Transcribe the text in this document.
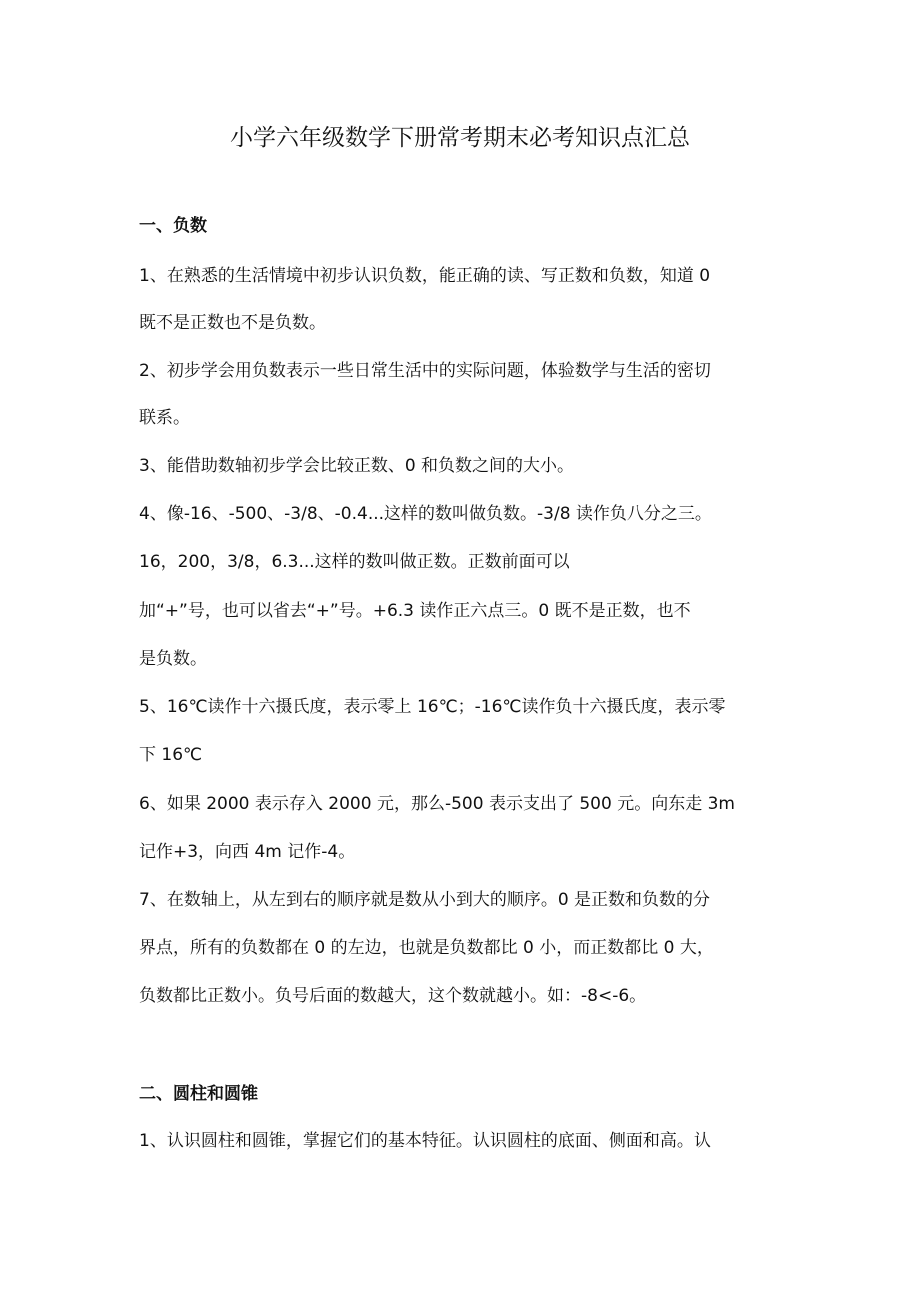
小学六年级数学下册常考期末必考知识点汇总
一、负数

1、在熟悉的生活情境中初步认识负数，能正确的读、写正数和负数，知道 0

既不是正数也不是负数。

2、初步学会用负数表示一些日常生活中的实际问题，体验数学与生活的密切

联系。

3、能借助数轴初步学会比较正数、0 和负数之间的大小。

4、像-16、-500、-3/8、-0.4...这样的数叫做负数。-3/8 读作负八分之三。

16，200，3/8，6.3...这样的数叫做正数。正数前面可以

加“+”号，也可以省去“+”号。+6.3 读作正六点三。0 既不是正数，也不

是负数。

5、16℃读作十六摄氏度，表示零上 16℃；-16℃读作负十六摄氏度，表示零

下 16℃

6、如果 2000 表示存入 2000 元，那么-500 表示支出了 500 元。向东走 3m

记作+3，向西 4m 记作-4。

7、在数轴上，从左到右的顺序就是数从小到大的顺序。0 是正数和负数的分

界点，所有的负数都在 0 的左边，也就是负数都比 0 小，而正数都比 0 大，

负数都比正数小。负号后面的数越大，这个数就越小。如：-8<-6。

二、圆柱和圆锥

1、认识圆柱和圆锥，掌握它们的基本特征。认识圆柱的底面、侧面和高。认
